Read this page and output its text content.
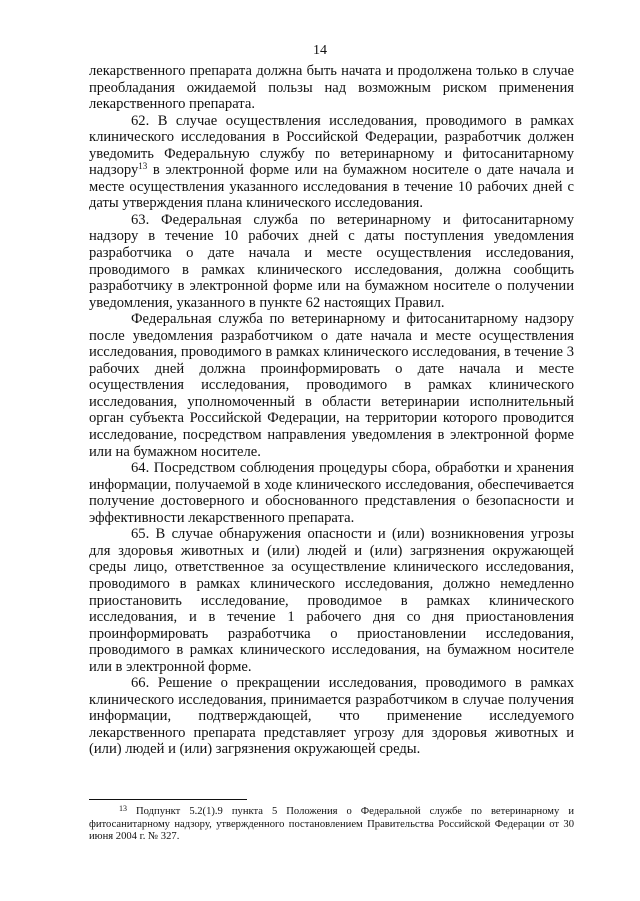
14

лекарственного препарата должна быть начата и продолжена только в случае преобладания ожидаемой пользы над возможным риском применения лекарственного препарата.

62. В случае осуществления исследования, проводимого в рамках клинического исследования в Российской Федерации, разработчик должен уведомить Федеральную службу по ветеринарному и фитосанитарному надзору$^{13}$ в электронной форме или на бумажном носителе о дате начала и месте осуществления указанного исследования в течение 10 рабочих дней с даты утверждения плана клинического исследования.

63. Федеральная служба по ветеринарному и фитосанитарному надзору в течение 10 рабочих дней с даты поступления уведомления разработчика о дате начала и месте осуществления исследования, проводимого в рамках клинического исследования, должна сообщить разработчику в электронной форме или на бумажном носителе о получении уведомления, указанного в пункте 62 настоящих Правил.

Федеральная служба по ветеринарному и фитосанитарному надзору после уведомления разработчиком о дате начала и месте осуществления исследования, проводимого в рамках клинического исследования, в течение 3 рабочих дней должна проинформировать о дате начала и месте осуществления исследования, проводимого в рамках клинического исследования, уполномоченный в области ветеринарии исполнительный орган субъекта Российской Федерации, на территории которого проводится исследование, посредством направления уведомления в электронной форме или на бумажном носителе.

64. Посредством соблюдения процедуры сбора, обработки и хранения информации, получаемой в ходе клинического исследования, обеспечивается получение достоверного и обоснованного представления о безопасности и эффективности лекарственного препарата.

65. В случае обнаружения опасности и (или) возникновения угрозы для здоровья животных и (или) людей и (или) загрязнения окружающей среды лицо, ответственное за осуществление клинического исследования, проводимого в рамках клинического исследования, должно немедленно приостановить исследование, проводимое в рамках клинического исследования, и в течение 1 рабочего дня со дня приостановления проинформировать разработчика о приостановлении исследования, проводимого в рамках клинического исследования, на бумажном носителе или в электронной форме.

66. Решение о прекращении исследования, проводимого в рамках клинического исследования, принимается разработчиком в случае получения информации, подтверждающей, что применение исследуемого лекарственного препарата представляет угрозу для здоровья животных и (или) людей и (или) загрязнения окружающей среды.

$^{13}$ Подпункт 5.2(1).9 пункта 5 Положения о Федеральной службе по ветеринарному и фитосанитарному надзору, утвержденного постановлением Правительства Российской Федерации от 30 июня 2004 г. № 327.
